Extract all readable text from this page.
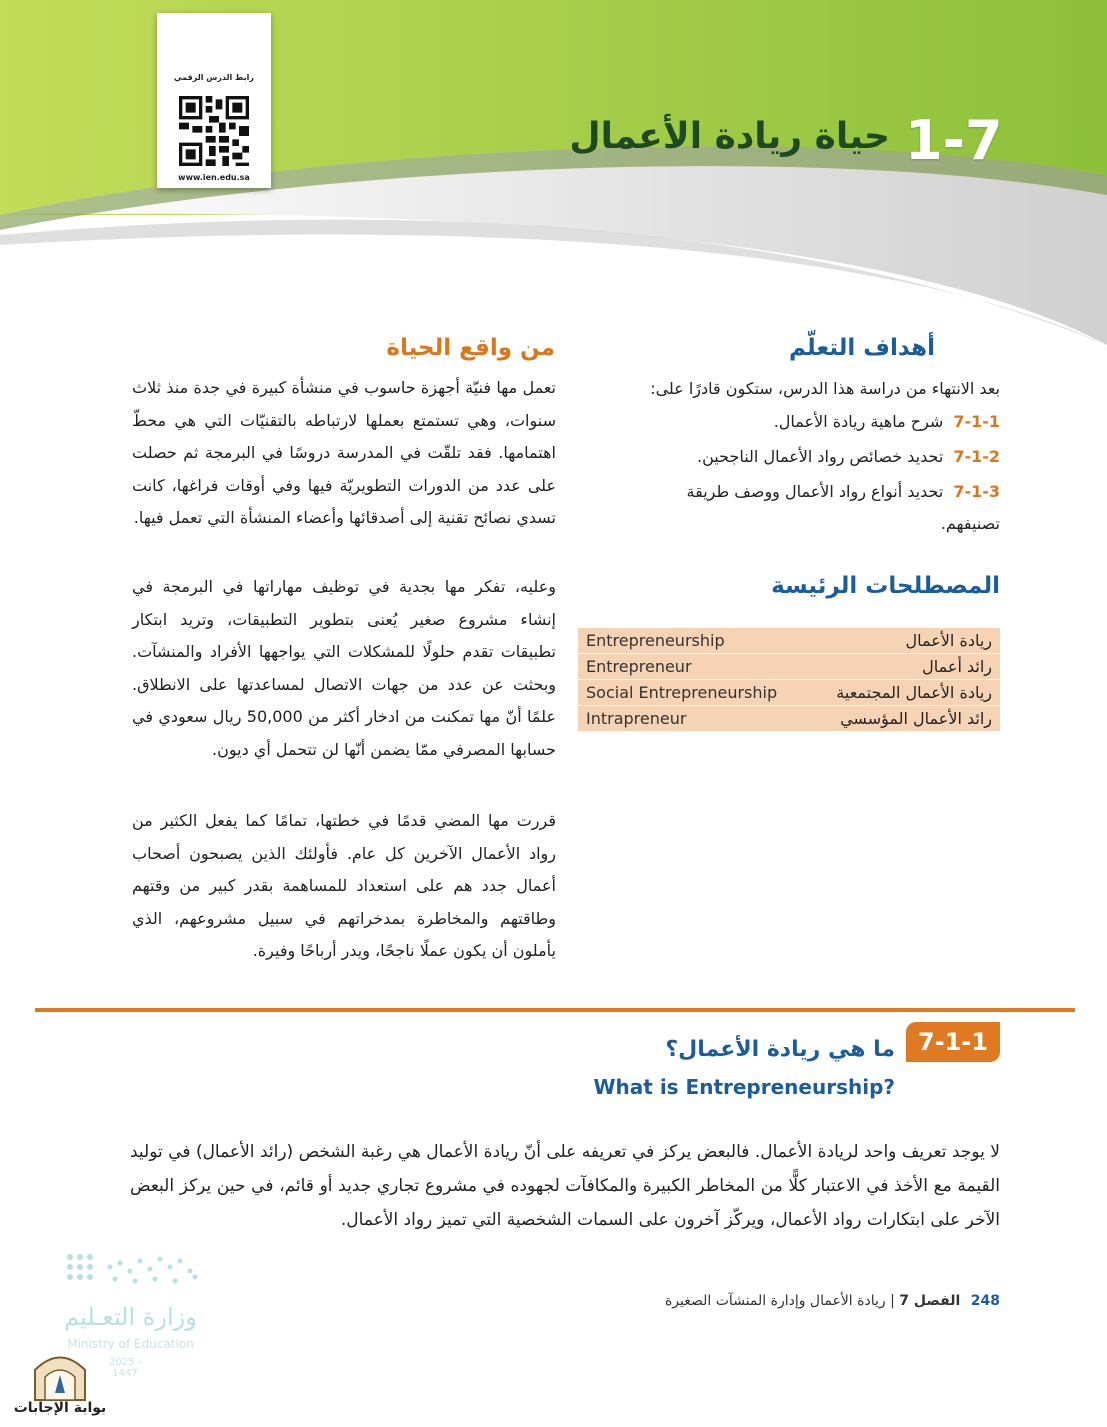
رابط الدرس الرقمي
www.ien.edu.sa
1-7
حياة ريادة الأعمال
أهداف التعلّم
بعد الانتهاء من دراسة هذا الدرس، ستكون قادرًا على:
7-1-1شرح ماهية ريادة الأعمال.
7-1-2تحديد خصائص رواد الأعمال الناجحين.
7-1-3تحديد أنواع رواد الأعمال ووصف طريقة تصنيفهم.
المصطلحات الرئيسة
Entrepreneurship	ريادة الأعمال
Entrepreneur	رائد أعمال
Social Entrepreneurship	ريادة الأعمال المجتمعية
Intrapreneur	رائد الأعمال المؤسسي
من واقع الحياة
تعمل مها فنيّة أجهزة حاسوب في منشأة كبيرة في جدة منذ ثلاث سنوات، وهي تستمتع بعملها لارتباطه بالتقنيّات التي هي محطّ اهتمامها. فقد تلقّت في المدرسة دروسًا في البرمجة ثم حصلت على عدد من الدورات التطويريّة فيها وفي أوقات فراغها، كانت تسدي نصائح تقنية إلى أصدقائها وأعضاء المنشأة التي تعمل فيها.
وعليه، تفكر مها بجدية في توظيف مهاراتها في البرمجة في إنشاء مشروع صغير يُعنى بتطوير التطبيقات، وتريد ابتكار تطبيقات تقدم حلولًا للمشكلات التي يواجهها الأفراد والمنشآت. وبحثت عن عدد من جهات الاتصال لمساعدتها على الانطلاق. علمًا أنّ مها تمكنت من ادخار أكثر من 50,000 ريال سعودي في حسابها المصرفي ممّا يضمن أنّها لن تتحمل أي ديون.
قررت مها المضي قدمًا في خطتها، تمامًا كما يفعل الكثير من رواد الأعمال الآخرين كل عام. فأولئك الذين يصبحون أصحاب أعمال جدد هم على استعداد للمساهمة بقدر كبير من وقتهم وطاقتهم والمخاطرة بمدخراتهم في سبيل مشروعهم، الذي يأملون أن يكون عملًا ناجحًا، ويدر أرباحًا وفيرة.
7-1-1
ما هي ريادة الأعمال؟
What is Entrepreneurship?
لا يوجد تعريف واحد لريادة الأعمال. فالبعض يركز في تعريفه على أنّ ريادة الأعمال هي رغبة الشخص (رائد الأعمال) في توليد القيمة مع الأخذ في الاعتبار كلًّا من المخاطر الكبيرة والمكافآت لجهوده في مشروع تجاري جديد أو قائم، في حين يركز البعض الآخر على ابتكارات رواد الأعمال، ويركّز آخرون على السمات الشخصية التي تميز رواد الأعمال.
248 الفصل 7 | ريادة الأعمال وإدارة المنشآت الصغيرة
وزارة التعـليم
Ministry of Education
2025 - 1447
بوابة الإجابات
